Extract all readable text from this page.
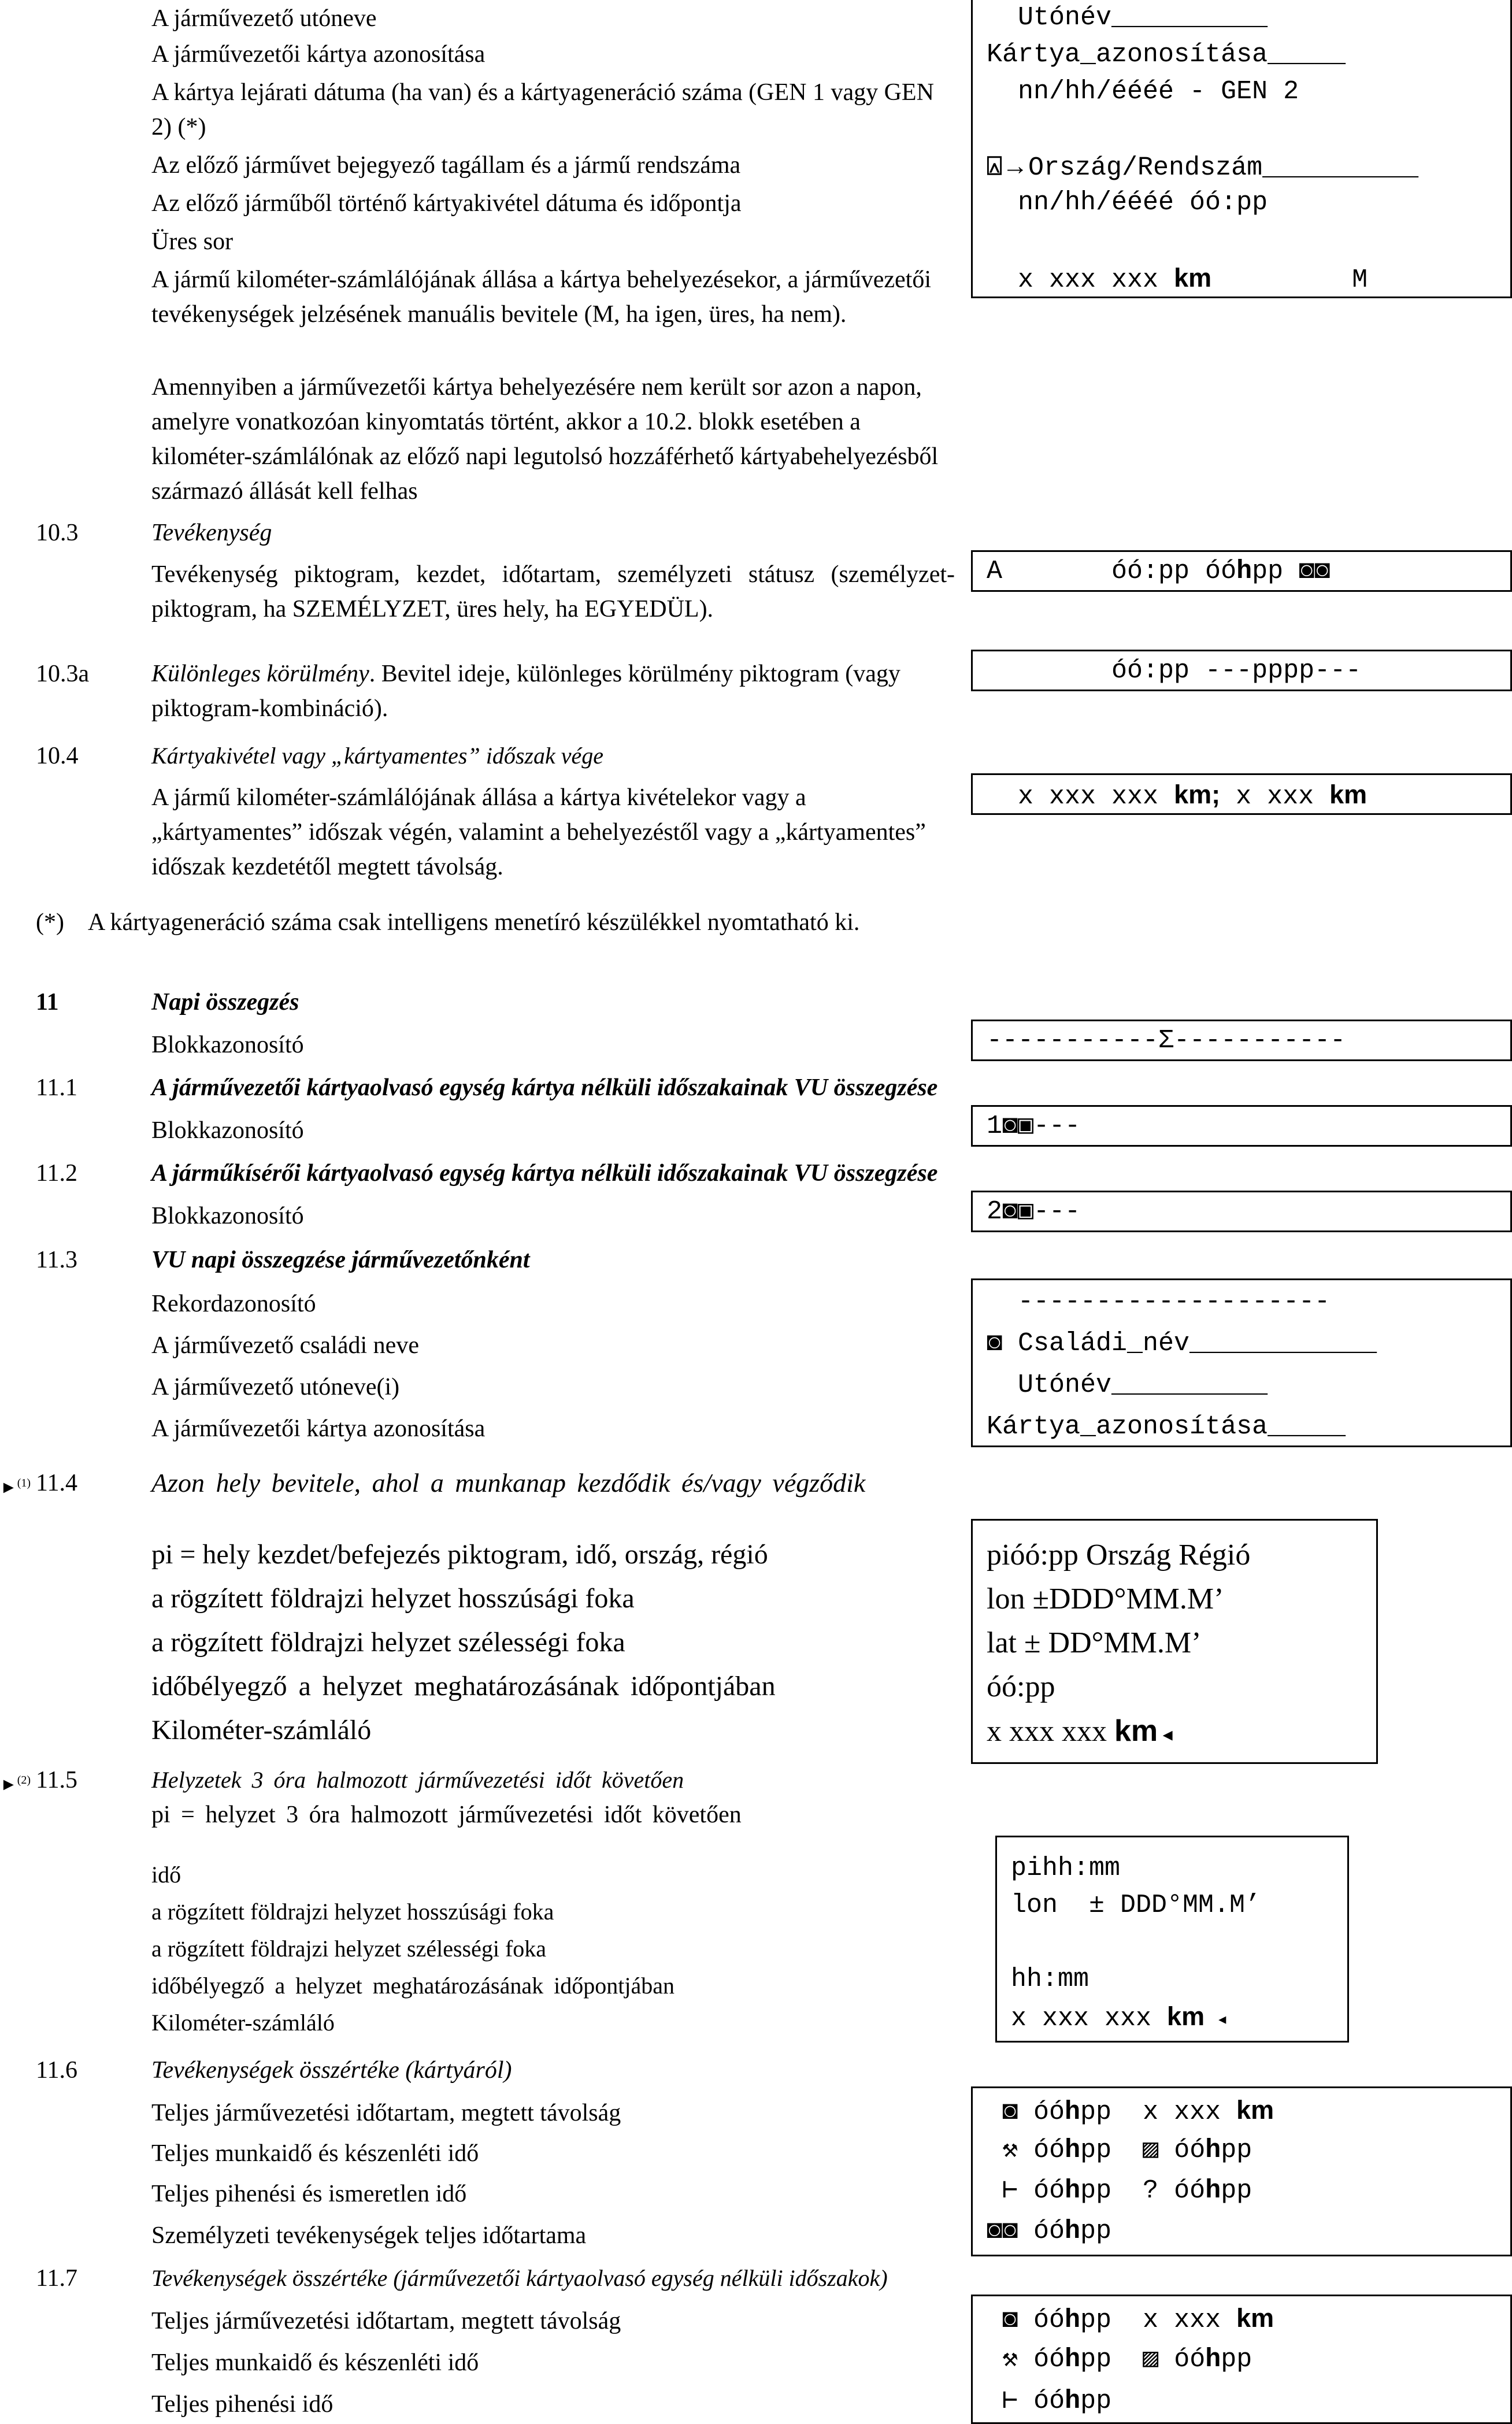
A járművezető utóneve
A járművezetői kártya azonosítása
A kártya lejárati dátuma (ha van) és a kártyageneráció száma (GEN 1 vagy GEN 2) (*)
Az előző járművet bejegyező tagállam és a jármű rendszáma
Az előző járműből történő kártyakivétel dátuma és időpontja
Üres sor
A jármű kilométer-számlálójának állása a kártya behelyezésekor, a járművezetői tevékenységek jelzésének manuális bevitele (M, ha igen, üres, ha nem).
Amennyiben a járművezetői kártya behelyezésére nem került sor azon a napon, amelyre vonatkozóan kinyomtatás történt, akkor a 10.2. blokk esetében a kilométer-számlálónak az előző napi legutolsó hozzáférhető kártyabehelyezésből származó állását kell felhas
Utónév__________
Kártya_azonosítása_____
nn/hh/éééé - GEN 2
⍓→Ország/Rendszám__________
nn/hh/éééé óó:pp
x xxx xxx km         M
10.3	Tevékenység
Tevékenység piktogram, kezdet, időtartam, személyzeti státusz (személyzet-piktogram, ha SZEMÉLYZET, üres hely, ha EGYEDÜL).
A       óó:pp óóhpp ◙◙
10.3a	Különleges körülmény. Bevitel ideje, különleges körülmény piktogram (vagy piktogram-kombináció).
óó:pp ---pppp---
10.4	Kártyakivétel vagy „kártyamentes” időszak vége
A jármű kilométer-számlálójának állása a kártya kivételekor vagy a „kártyamentes” időszak végén, valamint a behelyezéstől vagy a „kártyamentes” időszak kezdetétől megtett távolság.
x xxx xxx km; x xxx km
(*) A kártyageneráció száma csak intelligens menetíró készülékkel nyomtatható ki.
11	Napi összegzés
Blokkazonosító	-----------Σ-----------
11.1	A járművezetői kártyaolvasó egység kártya nélküli időszakainak VU összegzése
Blokkazonosító	1◙▣---
11.2	A járműkísérői kártyaolvasó egység kártya nélküli időszakainak VU összegzése
Blokkazonosító	2◙▣---
11.3	VU napi összegzése járművezetőnként
Rekordazonosító
A járművezető családi neve
A járművezető utóneve(i)
A járművezetői kártya azonosítása
--------------------
◙ Családi_név____________
Utónév__________
Kártya_azonosítása_____
►$^{(1)}$ 11.4	Azon hely bevitele, ahol a munkanap kezdődik és/vagy végződik
pi = hely kezdet/befejezés piktogram, idő, ország, régió
a rögzített földrajzi helyzet hosszúsági foka
a rögzített földrajzi helyzet szélességi foka
időbélyegző a helyzet meghatározásának időpontjában
Kilométer-számláló
pióó:pp Ország Régió
lon ±DDD°MM.M’
lat ± DD°MM.M’
óó:pp
x xxx xxx km ◂
►$^{(2)}$ 11.5	Helyzetek 3 óra halmozott járművezetési időt követően
pi = helyzet 3 óra halmozott járművezetési időt követően
idő
a rögzített földrajzi helyzet hosszúsági foka
a rögzített földrajzi helyzet szélességi foka
időbélyegző a helyzet meghatározásának időpontjában
Kilométer-számláló
pihh:mm
lon  ± DDD°MM.M’
hh:mm
x xxx xxx km ◂
11.6	Tevékenységek összértéke (kártyáról)
Teljes járművezetési időtartam, megtett távolság
Teljes munkaidő és készenléti idő
Teljes pihenési és ismeretlen idő
Személyzeti tevékenységek teljes időtartama
◙ óóhpp  x xxx km
⚒ óóhpp  ▨ óóhpp
⊢ óóhpp  ? óóhpp
◙◙ óóhpp
11.7	Tevékenységek összértéke (járművezetői kártyaolvasó egység nélküli időszakok)
Teljes járművezetési időtartam, megtett távolság
Teljes munkaidő és készenléti idő
Teljes pihenési idő
◙ óóhpp  x xxx km
⚒ óóhpp  ▨ óóhpp
⊢ óóhpp
